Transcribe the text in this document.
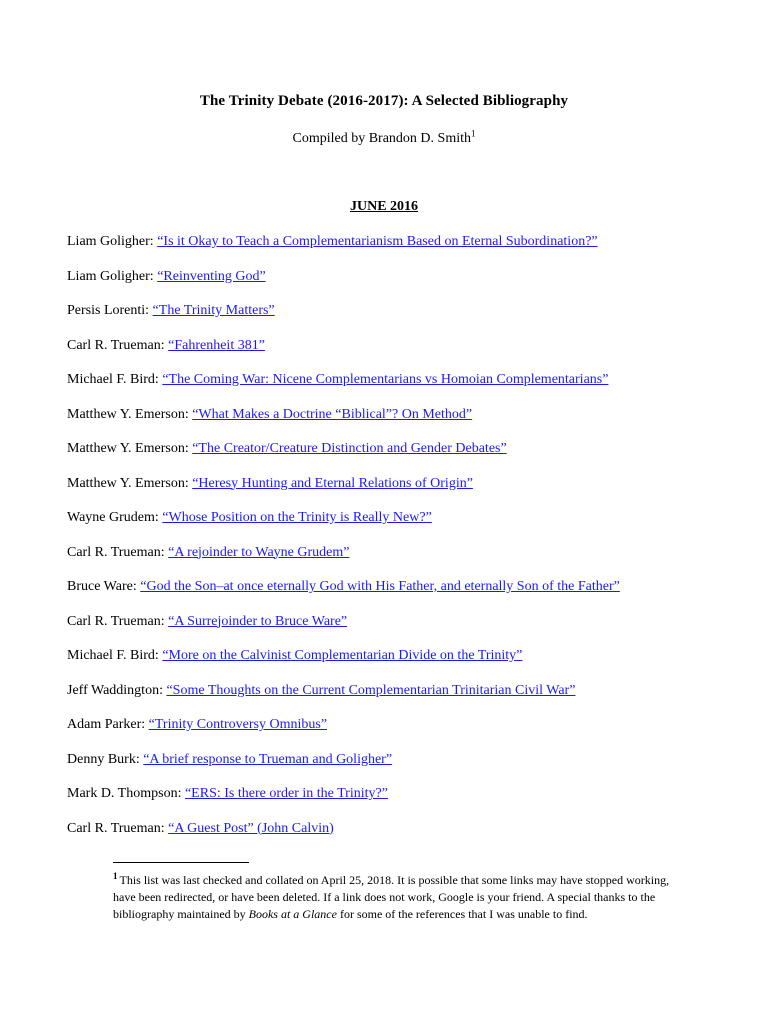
The Trinity Debate (2016-2017): A Selected Bibliography
Compiled by Brandon D. Smith$^1$
JUNE 2016
Liam Goligher: “Is it Okay to Teach a Complementarianism Based on Eternal Subordination?”
Liam Goligher: “Reinventing God”
Persis Lorenti: “The Trinity Matters”
Carl R. Trueman: “Fahrenheit 381”
Michael F. Bird: “The Coming War: Nicene Complementarians vs Homoian Complementarians”
Matthew Y. Emerson: “What Makes a Doctrine “Biblical”? On Method”
Matthew Y. Emerson: “The Creator/Creature Distinction and Gender Debates”
Matthew Y. Emerson: “Heresy Hunting and Eternal Relations of Origin”
Wayne Grudem: “Whose Position on the Trinity is Really New?”
Carl R. Trueman: “A rejoinder to Wayne Grudem”
Bruce Ware: “God the Son–at once eternally God with His Father, and eternally Son of the Father”
Carl R. Trueman: “A Surrejoinder to Bruce Ware”
Michael F. Bird: “More on the Calvinist Complementarian Divide on the Trinity”
Jeff Waddington: “Some Thoughts on the Current Complementarian Trinitarian Civil War”
Adam Parker: “Trinity Controversy Omnibus”
Denny Burk: “A brief response to Trueman and Goligher”
Mark D. Thompson: “ERS: Is there order in the Trinity?”
Carl R. Trueman: “A Guest Post” (John Calvin)
$^1$ This list was last checked and collated on April 25, 2018. It is possible that some links may have stopped working, have been redirected, or have been deleted. If a link does not work, Google is your friend. A special thanks to the bibliography maintained by Books at a Glance for some of the references that I was unable to find.
